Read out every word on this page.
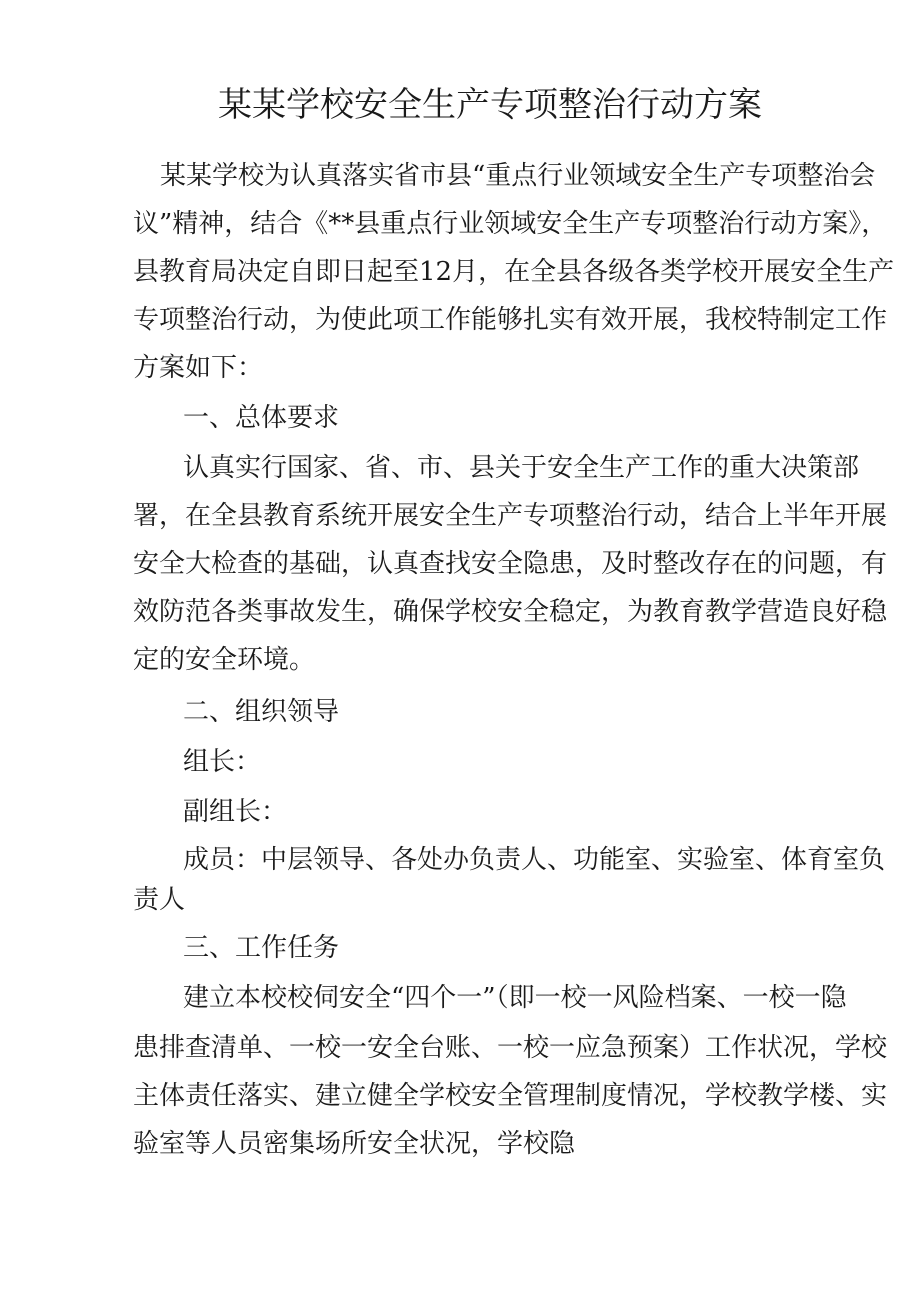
某某学校安全生产专项整治行动方案

某某学校为认真落实省市县“重点行业领域安全生产专项整治会

议”精神，结合《**县重点行业领域安全生产专项整治行动方案》，

县教育局决定自即日起至12月，在全县各级各类学校开展安全生产

专项整治行动，为使此项工作能够扎实有效开展，我校特制定工作

方案如下：

一、总体要求

认真实行国家、省、市、县关于安全生产工作的重大决策部

署，在全县教育系统开展安全生产专项整治行动，结合上半年开展

安全大检查的基础，认真查找安全隐患，及时整改存在的问题，有

效防范各类事故发生，确保学校安全稳定，为教育教学营造良好稳

定的安全环境。

二、组织领导

组长：

副组长：

成员：中层领导、各处办负责人、功能室、实验室、体育室负

责人

三、工作任务

建立本校校伺安全“四个一”（即一校一风险档案、一校一隐

患排查清单、一校一安全台账、一校一应急预案）工作状况，学校

主体责任落实、建立健全学校安全管理制度情况，学校教学楼、实

验室等人员密集场所安全状况，学校隐
